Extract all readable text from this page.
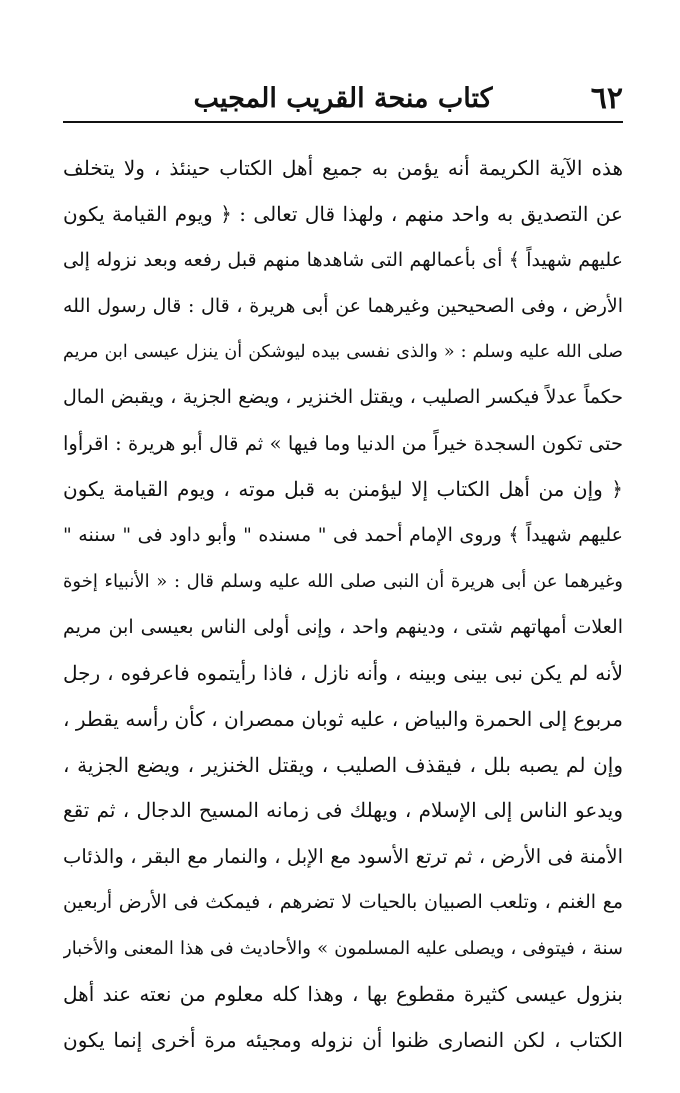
٦٢
كتاب منحة القريب المجيب
هذه الآية الكريمة أنه يؤمن به جميع أهل الكتاب حينئذ ، ولا يتخلف
عن التصديق به واحد منهم ، ولهذا قال تعالى : ﴿ ويوم القيامة يكون
عليهم شهيداً ﴾ أى بأعمالهم التى شاهدها منهم قبل رفعه وبعد نزوله إلى
الأرض ، وفى الصحيحين وغيرهما عن أبى هريرة ، قال : قال رسول الله
صلى الله عليه وسلم : « والذى نفسى بيده ليوشكن أن ينزل عيسى ابن مريم
حكماً عدلاً فيكسر الصليب ، ويقتل الخنزير ، ويضع الجزية ، ويقبض المال
حتى تكون السجدة خيراً من الدنيا وما فيها » ثم قال أبو هريرة : اقرأوا
﴿ وإن من أهل الكتاب إلا ليؤمنن به قبل موته ، ويوم القيامة يكون
عليهم شهيداً ﴾ وروى الإمام أحمد فى " مسنده " وأبو داود فى " سننه "
وغيرهما عن أبى هريرة أن النبى صلى الله عليه وسلم قال : « الأنبياء إخوة
العلات أمهاتهم شتى ، ودينهم واحد ، وإنى أولى الناس بعيسى ابن مريم
لأنه لم يكن نبى بينى وبينه ، وأنه نازل ، فاذا رأيتموه فاعرفوه ، رجل
مربوع إلى الحمرة والبياض ، عليه ثوبان ممصران ، كأن رأسه يقطر ،
وإن لم يصبه بلل ، فيقذف الصليب ، ويقتل الخنزير ، ويضع الجزية ،
ويدعو الناس إلى الإسلام ، ويهلك فى زمانه المسيح الدجال ، ثم تقع
الأمنة فى الأرض ، ثم ترتع الأسود مع الإبل ، والنمار مع البقر ، والذئاب
مع الغنم ، وتلعب الصبيان بالحيات لا تضرهم ، فيمكث فى الأرض أربعين
سنة ، فيتوفى ، ويصلى عليه المسلمون » والأحاديث فى هذا المعنى والأخبار
بنزول عيسى كثيرة مقطوع بها ، وهذا كله معلوم من نعته عند أهل
الكتاب ، لكن النصارى ظنوا أن نزوله ومجيئه مرة أخرى إنما يكون
